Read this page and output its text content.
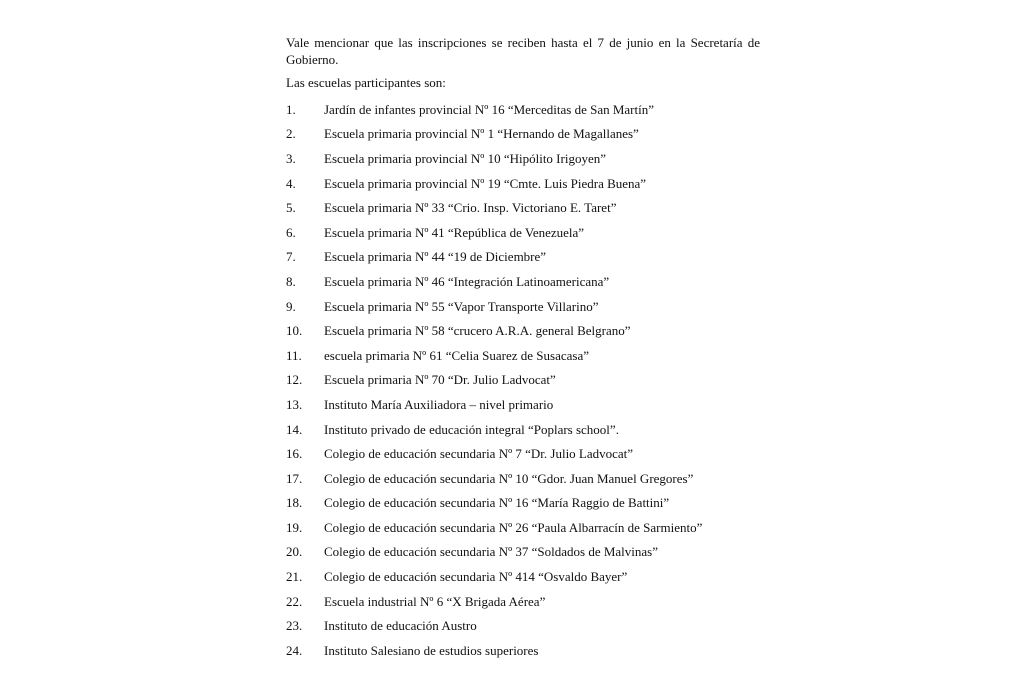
Vale mencionar que las inscripciones se reciben hasta el 7 de junio en la Secretaría de Gobierno.

Las escuelas participantes son:

1.	Jardín de infantes provincial Nº 16 “Merceditas de San Martín”
2.	Escuela primaria provincial Nº 1 “Hernando de Magallanes”
3.	Escuela primaria provincial Nº 10 “Hipólito Irigoyen”
4.	Escuela primaria provincial Nº 19 “Cmte. Luis Piedra Buena”
5.	Escuela primaria Nº 33 “Crio. Insp. Victoriano E. Taret”
6.	Escuela primaria Nº 41 “República de Venezuela”
7.	Escuela primaria Nº 44 “19 de Diciembre”
8.	Escuela primaria Nº 46 “Integración Latinoamericana”
9.	Escuela primaria Nº 55 “Vapor Transporte Villarino”
10.	Escuela primaria Nº 58 “crucero A.R.A. general Belgrano”
11.	escuela primaria Nº 61 “Celia Suarez de Susacasa”
12.	Escuela primaria Nº 70 “Dr. Julio Ladvocat”
13.	Instituto María Auxiliadora – nivel primario
14.	Instituto privado de educación integral “Poplars school”.
16.	Colegio de educación secundaria Nº 7 “Dr. Julio Ladvocat”
17.	Colegio de educación secundaria Nº 10 “Gdor. Juan Manuel Gregores”
18.	Colegio de educación secundaria Nº 16 “María Raggio de Battini”
19.	Colegio de educación secundaria Nº 26 “Paula Albarracín de Sarmiento”
20.	Colegio de educación secundaria Nº 37 “Soldados de Malvinas”
21.	Colegio de educación secundaria Nº 414 “Osvaldo Bayer”
22.	Escuela industrial Nº 6 “X Brigada Aérea”
23.	Instituto de educación Austro
24.	Instituto Salesiano de estudios superiores
